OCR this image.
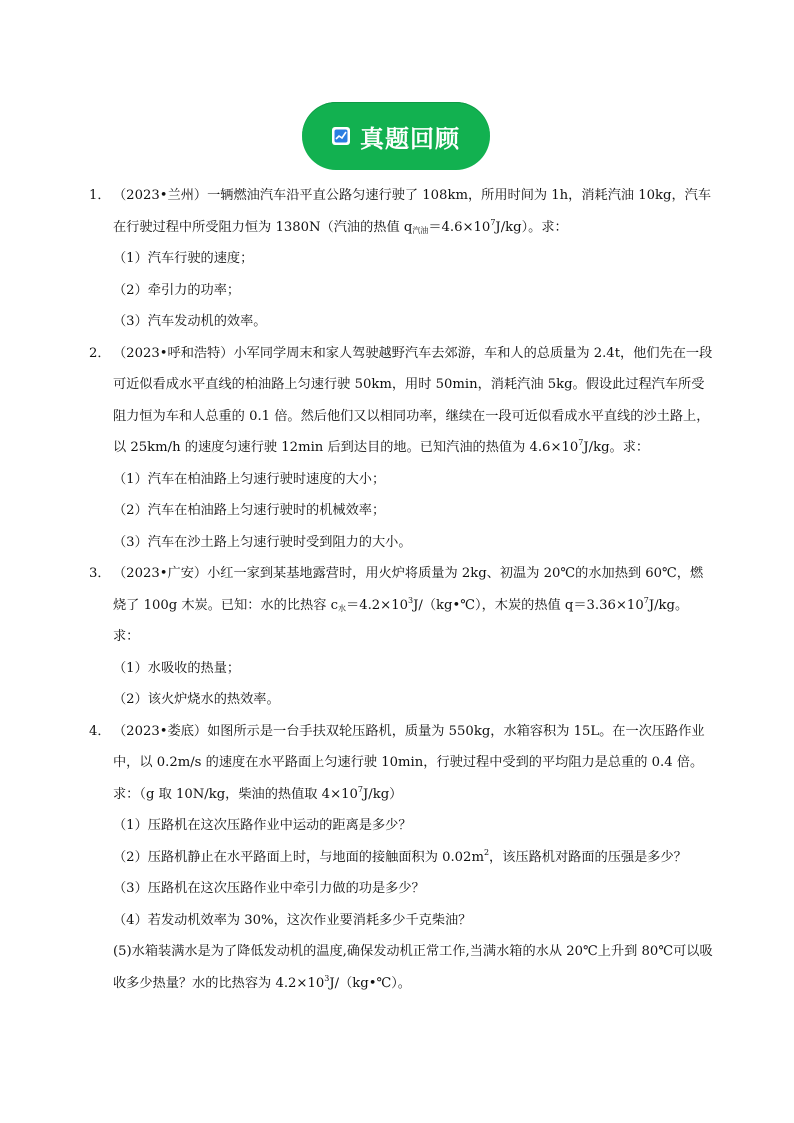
真题回顾
1． （2023•兰州）一辆燃油汽车沿平直公路匀速行驶了 108km，所用时间为 1h，消耗汽油 10kg，汽车在行驶过程中所受阻力恒为 1380N（汽油的热值 $q_{汽油}=4.6\times 10^7J/kg$）。求：
（1）汽车行驶的速度；
（2）牵引力的功率；
（3）汽车发动机的效率。
2． （2023•呼和浩特）小军同学周末和家人驾驶越野汽车去郊游，车和人的总质量为 2.4t，他们先在一段可近似看成水平直线的柏油路上匀速行驶 50km，用时 50min，消耗汽油 5kg。假设此过程汽车所受阻力恒为车和人总重的 0.1 倍。然后他们又以相同功率，继续在一段可近似看成水平直线的沙土路上，以 25km/h 的速度匀速行驶 12min 后到达目的地。已知汽油的热值为 $4.6\times 10^7J/kg$。求：
（1）汽车在柏油路上匀速行驶时速度的大小；
（2）汽车在柏油路上匀速行驶时的机械效率；
（3）汽车在沙土路上匀速行驶时受到阻力的大小。
3． （2023•广安）小红一家到某基地露营时，用火炉将质量为 2kg、初温为 20℃的水加热到 60℃，燃烧了 100g 木炭。已知：水的比热容 $c_水=4.2\times 10^3J/(kg•℃)$，木炭的热值 $q=3.36\times 10^7J/kg$。求：
（1）水吸收的热量；
（2）该火炉烧水的热效率。
4． （2023•娄底）如图所示是一台手扶双轮压路机，质量为 550kg，水箱容积为 15L。在一次压路作业中，以 0.2m/s 的速度在水平路面上匀速行驶 10min，行驶过程中受到的平均阻力是总重的 0.4 倍。求：（g 取 10N/kg，柴油的热值取 $4\times 10^7J/kg$）
（1）压路机在这次压路作业中运动的距离是多少？
（2）压路机静止在水平路面上时，与地面的接触面积为 $0.02m^2$，该压路机对路面的压强是多少？
（3）压路机在这次压路作业中牵引力做的功是多少？
（4）若发动机效率为 30%，这次作业要消耗多少千克柴油？
(5)水箱装满水是为了降低发动机的温度,确保发动机正常工作,当满水箱的水从 20℃上升到 80℃可以吸收多少热量？水的比热容为 $4.2\times 10^3J/(kg•℃)$。
